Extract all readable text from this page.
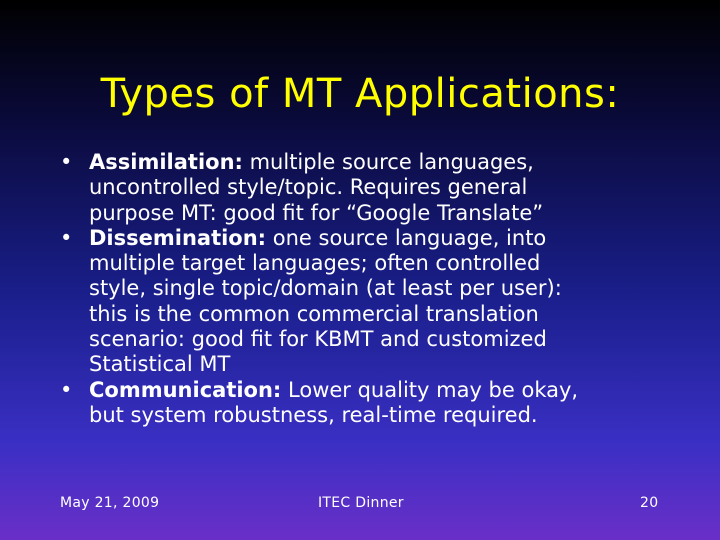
Types of MT Applications:
• Assimilation: multiple source languages,
uncontrolled style/topic. Requires general
purpose MT: good fit for “Google Translate”
• Dissemination: one source language, into
multiple target languages; often controlled
style, single topic/domain (at least per user):
this is the common commercial translation
scenario: good fit for KBMT and customized
Statistical MT
• Communication: Lower quality may be okay,
but system robustness, real-time required.
May 21, 2009	ITEC Dinner	20
